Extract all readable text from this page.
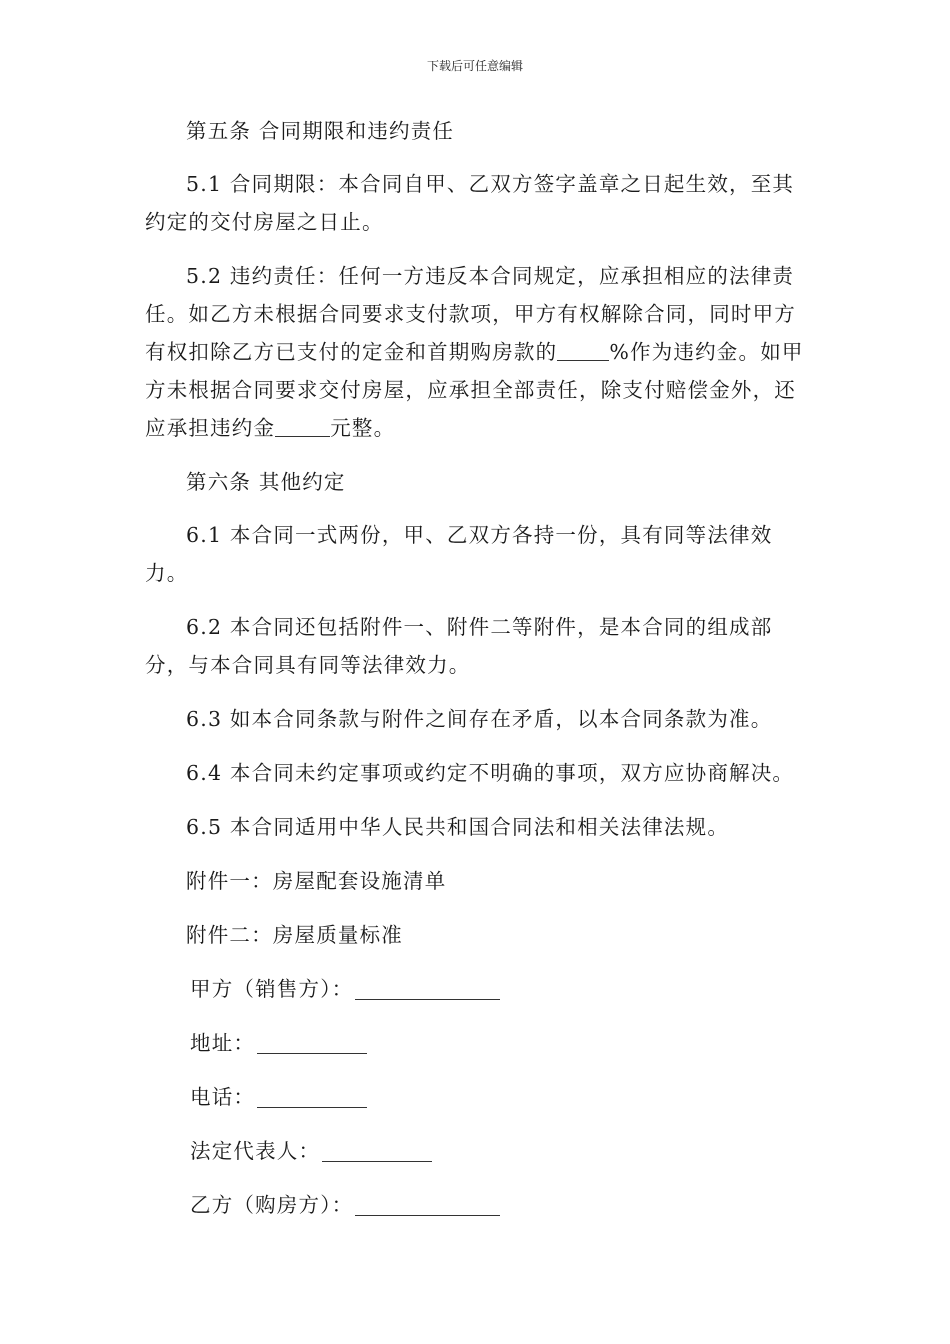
下载后可任意编辑

第五条 合同期限和违约责任

5.1 合同期限：本合同自甲、乙双方签字盖章之日起生效，至其约定的交付房屋之日止。

5.2 违约责任：任何一方违反本合同规定，应承担相应的法律责任。如乙方未根据合同要求支付款项，甲方有权解除合同，同时甲方有权扣除乙方已支付的定金和首期购房款的	%作为违约金。如甲方未根据合同要求交付房屋，应承担全部责任，除支付赔偿金外，还应承担违约金	元整。

第六条 其他约定

6.1 本合同一式两份，甲、乙双方各持一份，具有同等法律效力。

6.2 本合同还包括附件一、附件二等附件，是本合同的组成部分，与本合同具有同等法律效力。

6.3 如本合同条款与附件之间存在矛盾，以本合同条款为准。

6.4 本合同未约定事项或约定不明确的事项，双方应协商解决。

6.5 本合同适用中华人民共和国合同法和相关法律法规。

附件一：房屋配套设施清单

附件二：房屋质量标准

甲方（销售方）：
地址：
电话：
法定代表人：
乙方（购房方）：
